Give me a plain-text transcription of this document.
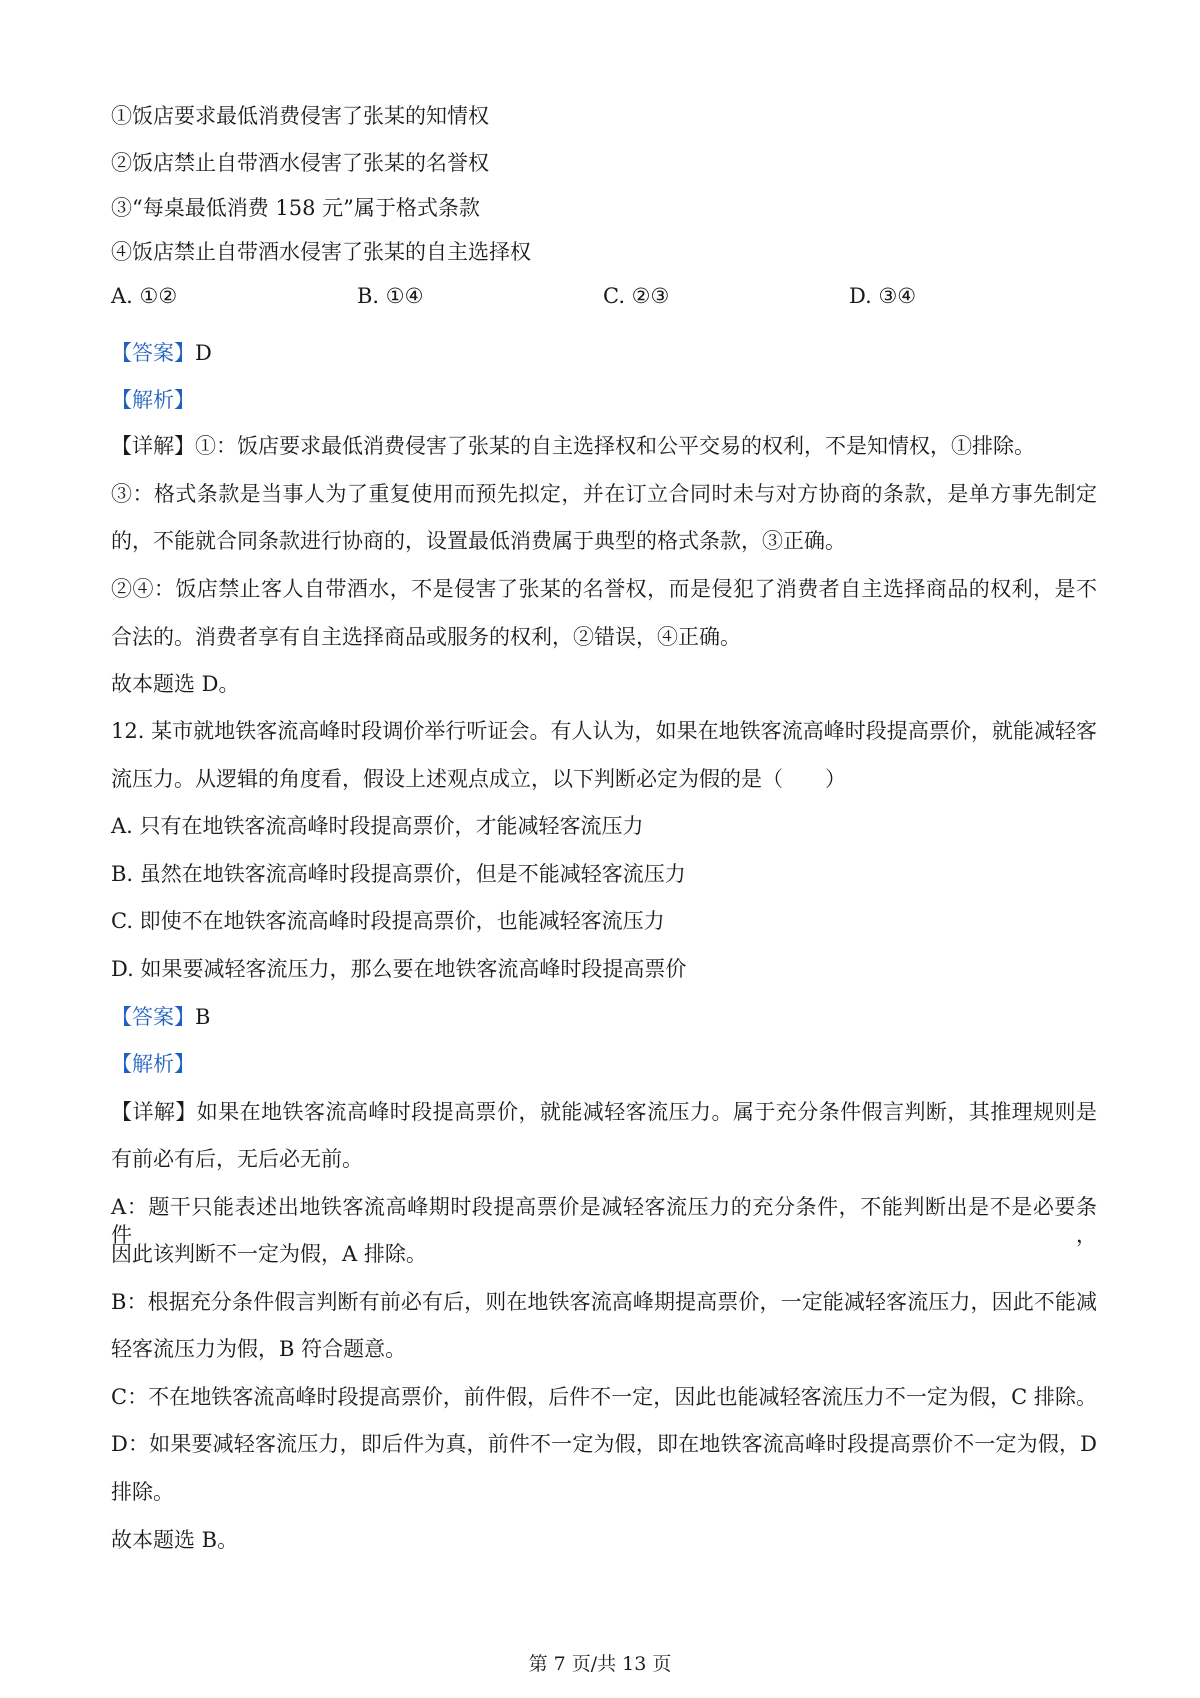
①饭店要求最低消费侵害了张某的知情权
②饭店禁止自带酒水侵害了张某的名誉权
③“每桌最低消费 158 元”属于格式条款
④饭店禁止自带酒水侵害了张某的自主选择权
A. ①②	B. ①④	C. ②③	D. ③④
【答案】D
【解析】
【详解】①：饭店要求最低消费侵害了张某的自主选择权和公平交易的权利，不是知情权，①排除。
③：格式条款是当事人为了重复使用而预先拟定，并在订立合同时未与对方协商的条款，是单方事先制定
的，不能就合同条款进行协商的，设置最低消费属于典型的格式条款，③正确。
②④：饭店禁止客人自带酒水，不是侵害了张某的名誉权，而是侵犯了消费者自主选择商品的权利，是不
合法的。消费者享有自主选择商品或服务的权利，②错误，④正确。
故本题选 D。
12. 某市就地铁客流高峰时段调价举行听证会。有人认为，如果在地铁客流高峰时段提高票价，就能减轻客
流压力。从逻辑的角度看，假设上述观点成立，以下判断必定为假的是（　　）
A. 只有在地铁客流高峰时段提高票价，才能减轻客流压力
B. 虽然在地铁客流高峰时段提高票价，但是不能减轻客流压力
C. 即使不在地铁客流高峰时段提高票价，也能减轻客流压力
D. 如果要减轻客流压力，那么要在地铁客流高峰时段提高票价
【答案】B
【解析】
【详解】如果在地铁客流高峰时段提高票价，就能减轻客流压力。属于充分条件假言判断，其推理规则是
有前必有后，无后必无前。
A：题干只能表述出地铁客流高峰期时段提高票价是减轻客流压力的充分条件，不能判断出是不是必要条件，
因此该判断不一定为假，A 排除。
B：根据充分条件假言判断有前必有后，则在地铁客流高峰期提高票价，一定能减轻客流压力，因此不能减
轻客流压力为假，B 符合题意。
C：不在地铁客流高峰时段提高票价，前件假，后件不一定，因此也能减轻客流压力不一定为假，C 排除。
D：如果要减轻客流压力，即后件为真，前件不一定为假，即在地铁客流高峰时段提高票价不一定为假，D
排除。
故本题选 B。
第 7 页/共 13 页
